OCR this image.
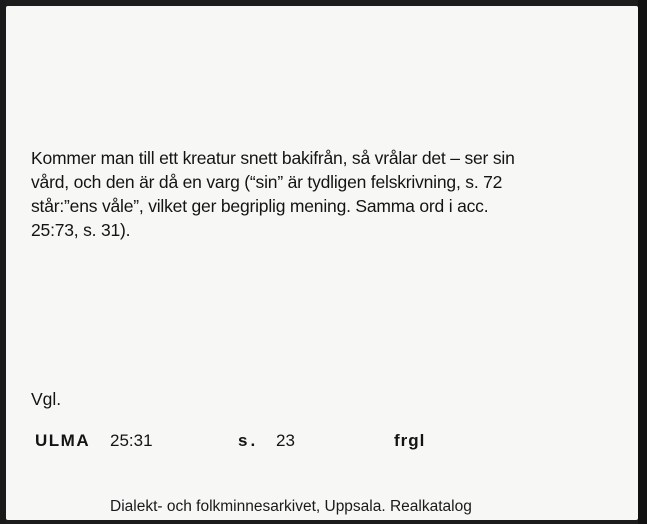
Kommer man till ett kreatur snett bakifrån, så vrålar det – ser sin
vård, och den är då en varg (“sin” är tydligen felskrivning, s. 72
står:”ens våle”, vilket ger begriplig mening. Samma ord i acc.
25:73, s. 31).
Vgl.
ULMA 25:31	s. 23	frgl
Dialekt- och folkminnesarkivet, Uppsala. Realkatalog
